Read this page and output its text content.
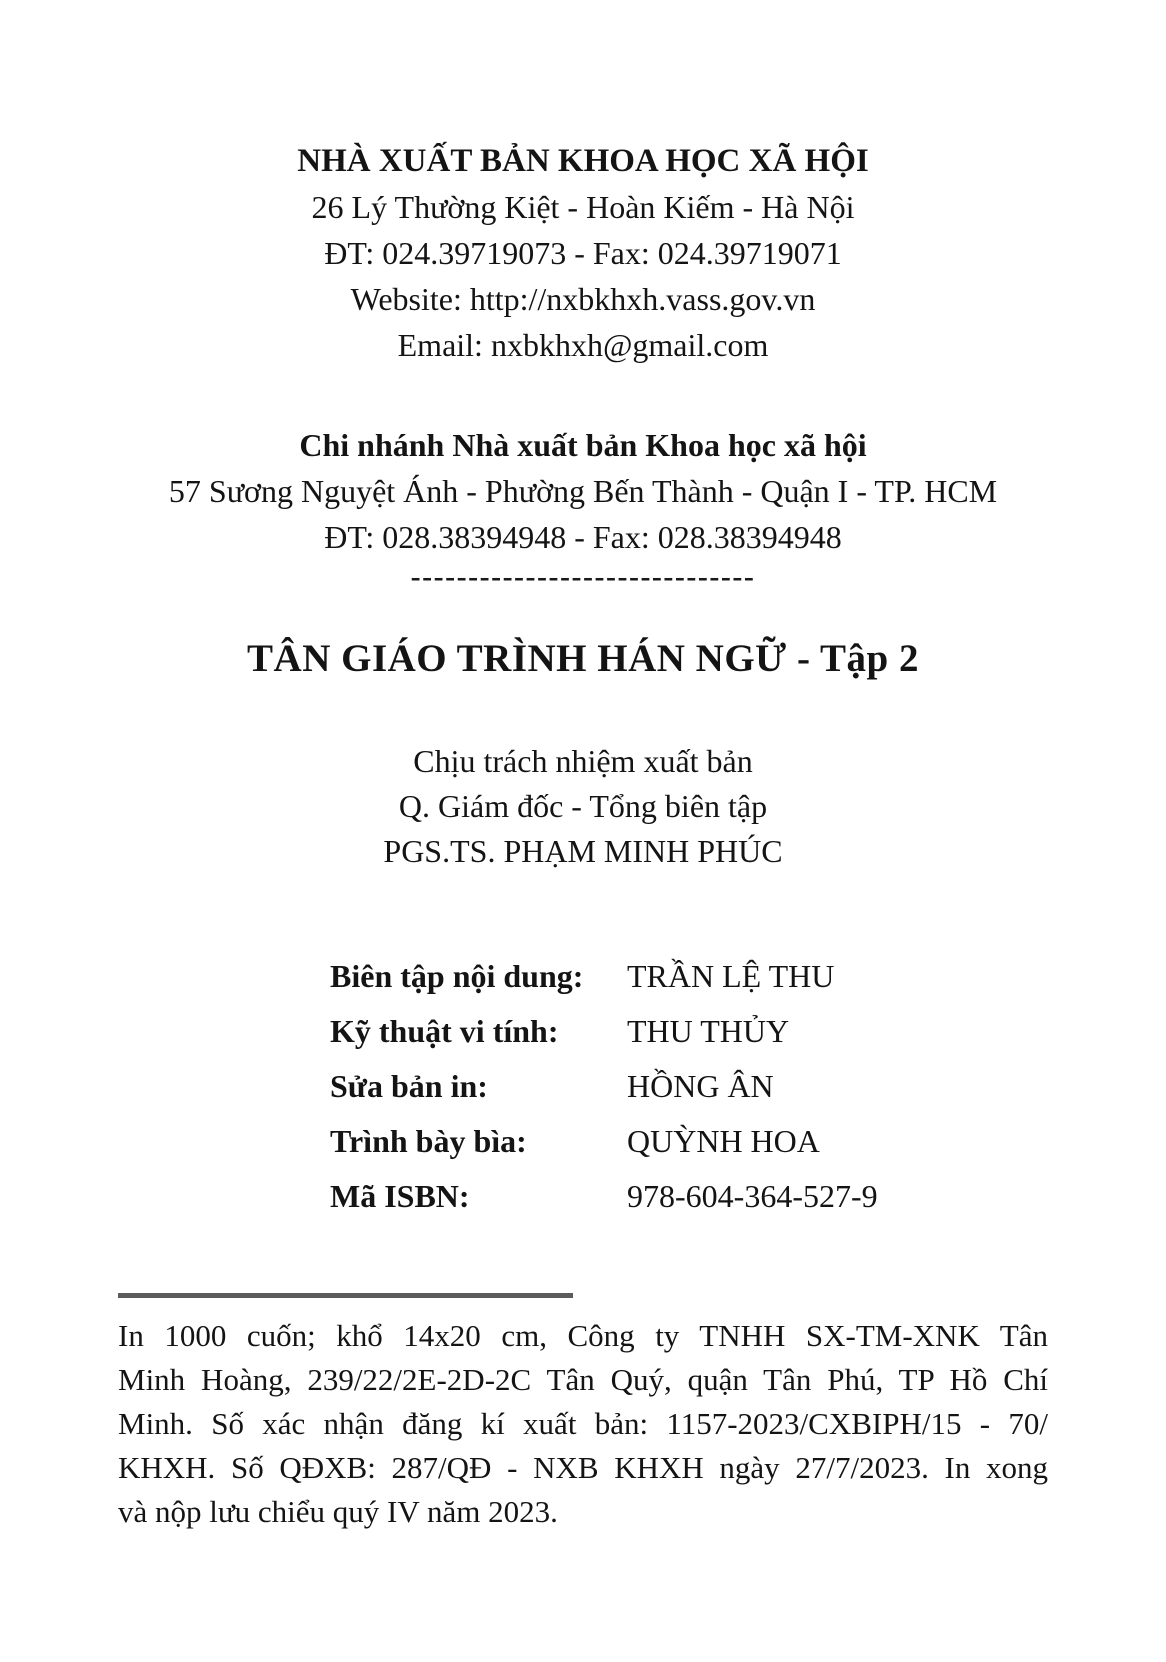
NHÀ XUẤT BẢN KHOA HỌC XÃ HỘI
26 Lý Thường Kiệt - Hoàn Kiếm - Hà Nội
ĐT: 024.39719073 - Fax: 024.39719071
Website: http://nxbkhxh.vass.gov.vn
Email: nxbkhxh@gmail.com
Chi nhánh Nhà xuất bản Khoa học xã hội
57 Sương Nguyệt Ánh - Phường Bến Thành - Quận I - TP. HCM
ĐT: 028.38394948 - Fax: 028.38394948
------------------------------
TÂN GIÁO TRÌNH HÁN NGỮ - Tập 2
Chịu trách nhiệm xuất bản
Q. Giám đốc - Tổng biên tập
PGS.TS. PHẠM MINH PHÚC
Biên tập nội dung:	TRẦN LỆ THU
Kỹ thuật vi tính:	THU THỦY
Sửa bản in:	HỒNG ÂN
Trình bày bìa:	QUỲNH HOA
Mã ISBN:	978-604-364-527-9
In 1000 cuốn; khổ 14x20 cm, Công ty TNHH SX-TM-XNK Tân
Minh Hoàng, 239/22/2E-2D-2C Tân Quý, quận Tân Phú, TP Hồ Chí
Minh. Số xác nhận đăng kí xuất bản: 1157-2023/CXBIPH/15 - 70/
KHXH. Số QĐXB: 287/QĐ - NXB KHXH ngày 27/7/2023. In xong
và nộp lưu chiểu quý IV năm 2023.
